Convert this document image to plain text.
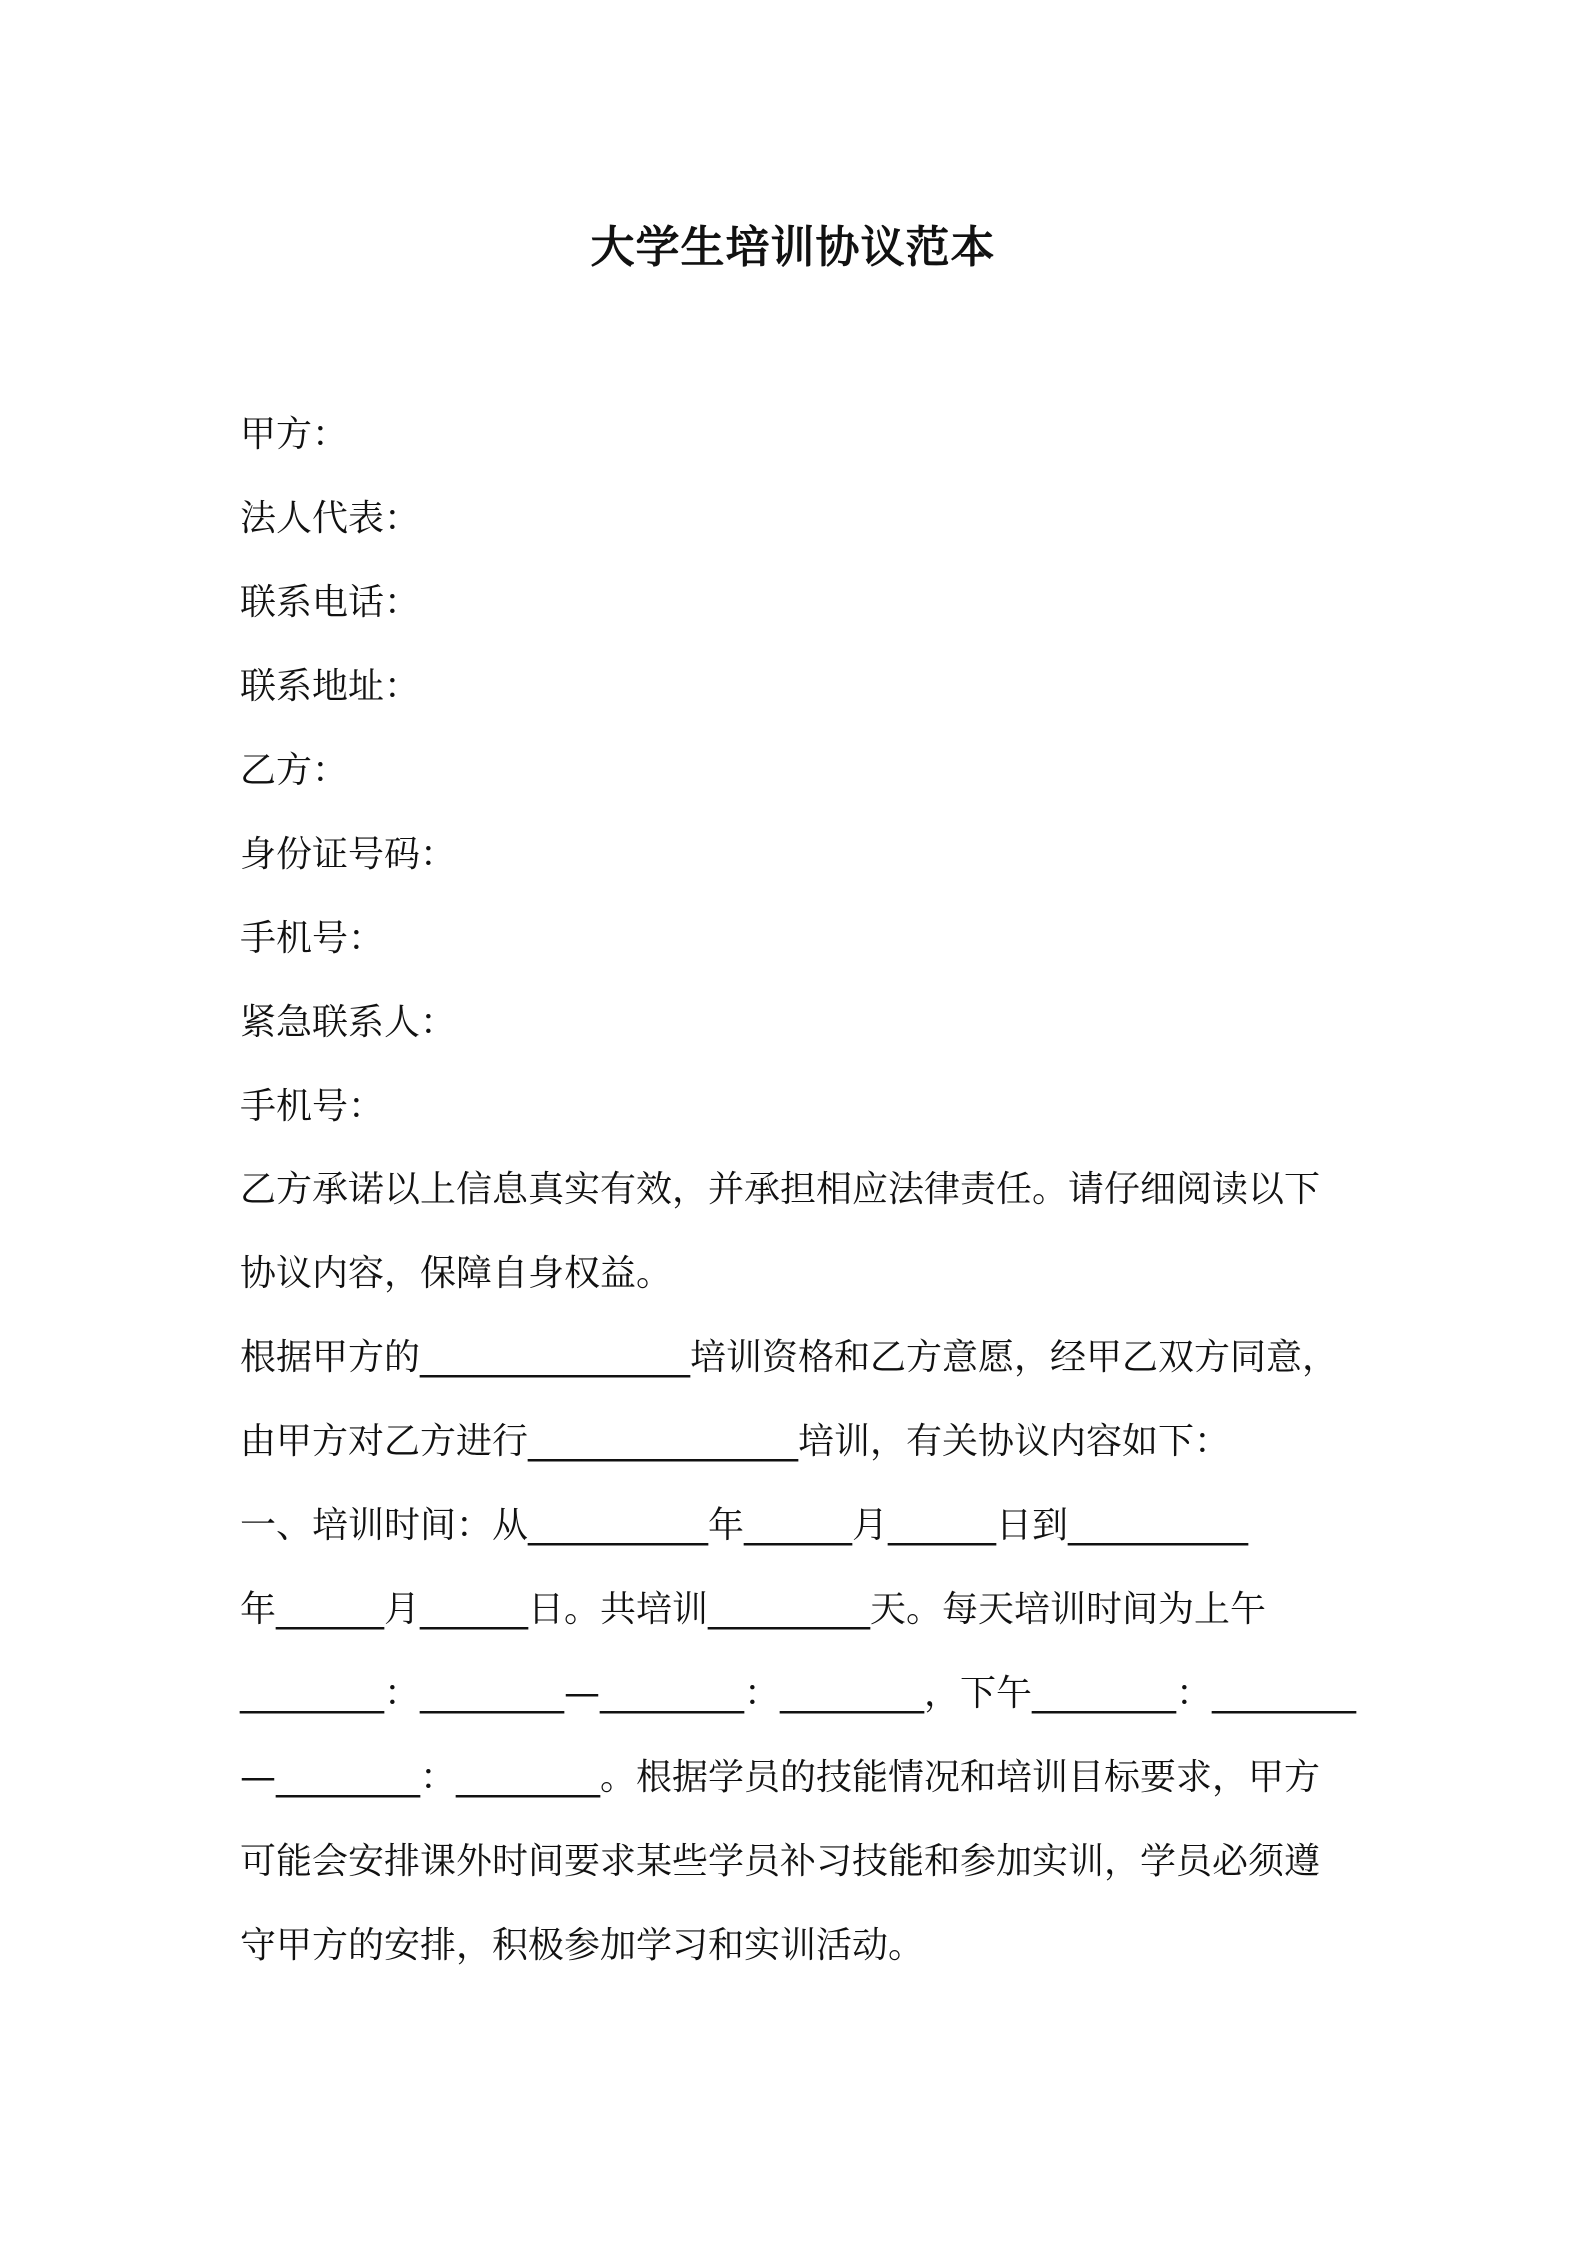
大学生培训协议范本
甲方：
法人代表：
联系电话：
联系地址：
乙方：
身份证号码：
手机号：
紧急联系人：
手机号：
乙方承诺以上信息真实有效，并承担相应法律责任。请仔细阅读以下
协议内容，保障自身权益。
根据甲方的_______________培训资格和乙方意愿，经甲乙双方同意，
由甲方对乙方进行_______________培训，有关协议内容如下：
一、培训时间：从__________年______月______日到__________
年______月______日。共培训_________天。每天培训时间为上午
________：________—________：________，下午________：________
—________：________。根据学员的技能情况和培训目标要求，甲方
可能会安排课外时间要求某些学员补习技能和参加实训，学员必须遵
守甲方的安排，积极参加学习和实训活动。
